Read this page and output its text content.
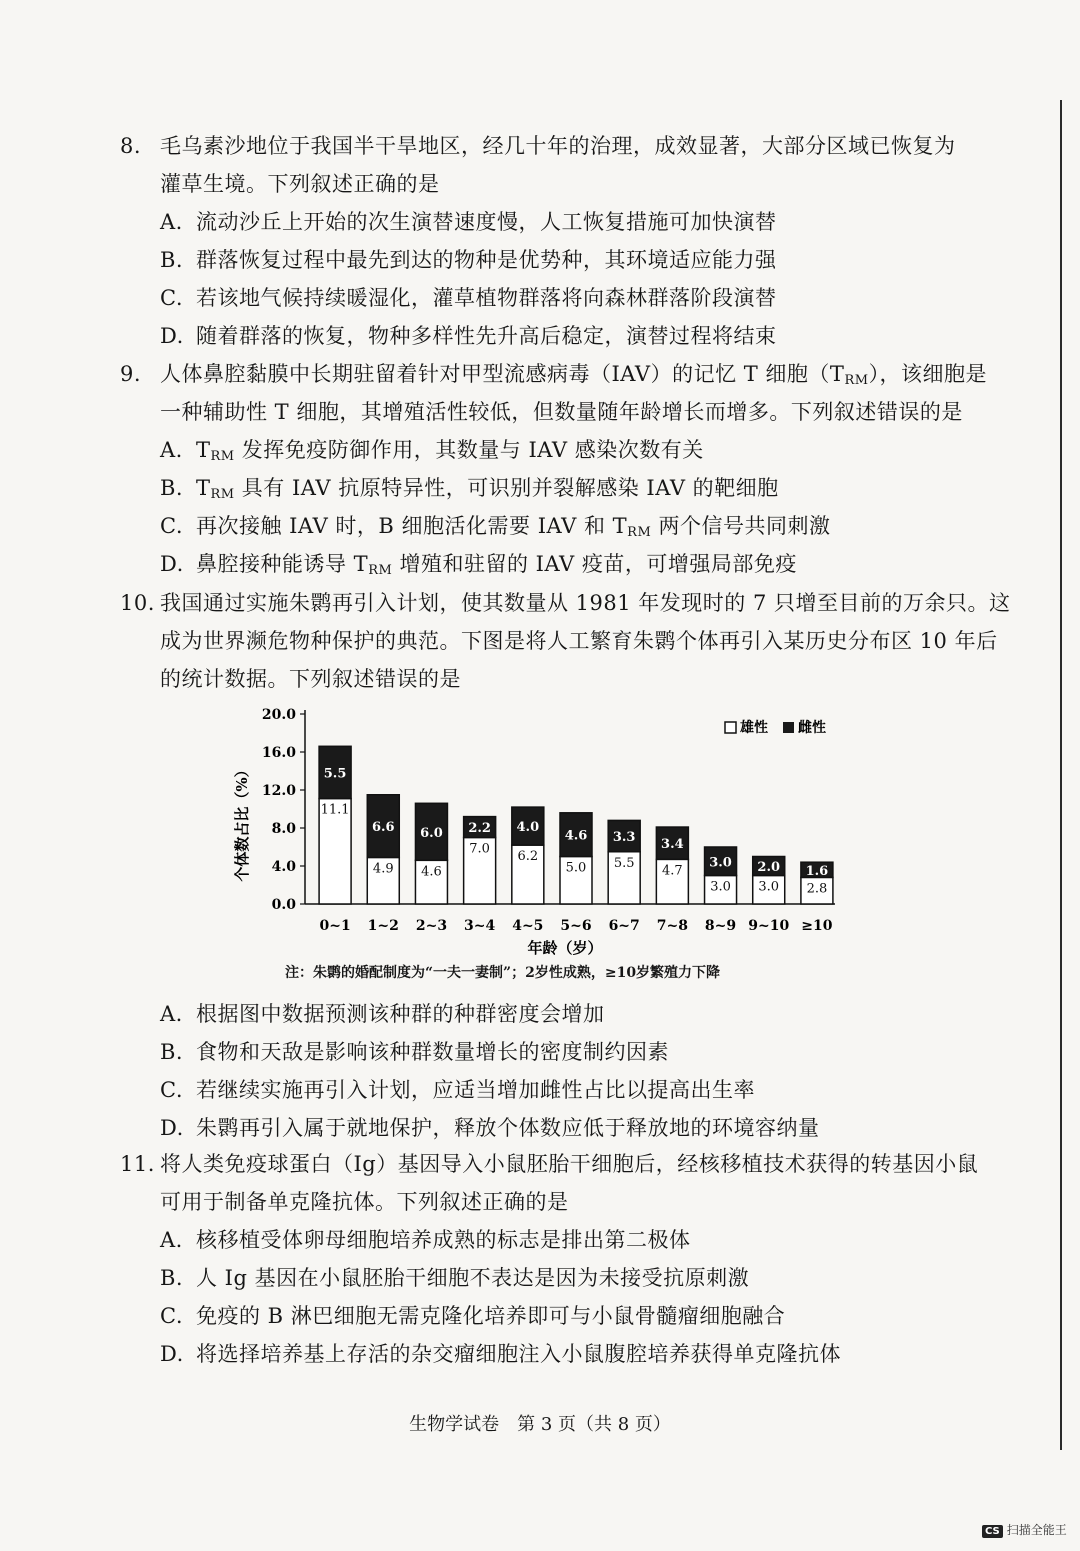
8. 毛乌素沙地位于我国半干旱地区，经几十年的治理，成效显著，大部分区域已恢复为
灌草生境。下列叙述正确的是
A. 流动沙丘上开始的次生演替速度慢，人工恢复措施可加快演替
B. 群落恢复过程中最先到达的物种是优势种，其环境适应能力强
C. 若该地气候持续暖湿化，灌草植物群落将向森林群落阶段演替
D. 随着群落的恢复，物种多样性先升高后稳定，演替过程将结束
9. 人体鼻腔黏膜中长期驻留着针对甲型流感病毒（IAV）的记忆 T 细胞$(T_{RM})$，该细胞是
一种辅助性 T 细胞，其增殖活性较低，但数量随年龄增长而增多。下列叙述错误的是
A. $T_{RM}$ 发挥免疫防御作用，其数量与 IAV 感染次数有关
B. $T_{RM}$ 具有 IAV 抗原特异性，可识别并裂解感染 IAV 的靶细胞
C. 再次接触 IAV 时，B 细胞活化需要 IAV 和 $T_{RM}$ 两个信号共同刺激
D. 鼻腔接种能诱导 $T_{RM}$ 增殖和驻留的 IAV 疫苗，可增强局部免疫
10. 我国通过实施朱鹮再引入计划，使其数量从 1981 年发现时的 7 只增至目前的万余只。这
成为世界濒危物种保护的典范。下图是将人工繁育朱鹮个体再引入某历史分布区 10 年后
的统计数据。下列叙述错误的是
20.0
16.0
12.0
8.0
4.0
0.0
11.1
5.5
0~1
4.9
6.6
1~2
4.6
6.0
2~3
7.0
2.2
3~4
6.2
4.0
4~5
5.0
4.6
5~6
5.5
3.3
6~7
4.7
3.4
7~8
3.0
3.0
8~9
3.0
2.0
9~10
2.8
1.6
≥10
雄性 雌性
个体数占比（%）
年龄（岁）
注：朱鹮的婚配制度为“一夫一妻制”；2岁性成熟，≥10岁繁殖力下降
A. 根据图中数据预测该种群的种群密度会增加
B. 食物和天敌是影响该种群数量增长的密度制约因素
C. 若继续实施再引入计划，应适当增加雌性占比以提高出生率
D. 朱鹮再引入属于就地保护，释放个体数应低于释放地的环境容纳量
11. 将人类免疫球蛋白（Ig）基因导入小鼠胚胎干细胞后，经核移植技术获得的转基因小鼠
可用于制备单克隆抗体。下列叙述正确的是
A. 核移植受体卵母细胞培养成熟的标志是排出第二极体
B. 人 Ig 基因在小鼠胚胎干细胞不表达是因为未接受抗原刺激
C. 免疫的 B 淋巴细胞无需克隆化培养即可与小鼠骨髓瘤细胞融合
D. 将选择培养基上存活的杂交瘤细胞注入小鼠腹腔培养获得单克隆抗体
生物学试卷　第 3 页（共 8 页）
CS 扫描全能王
